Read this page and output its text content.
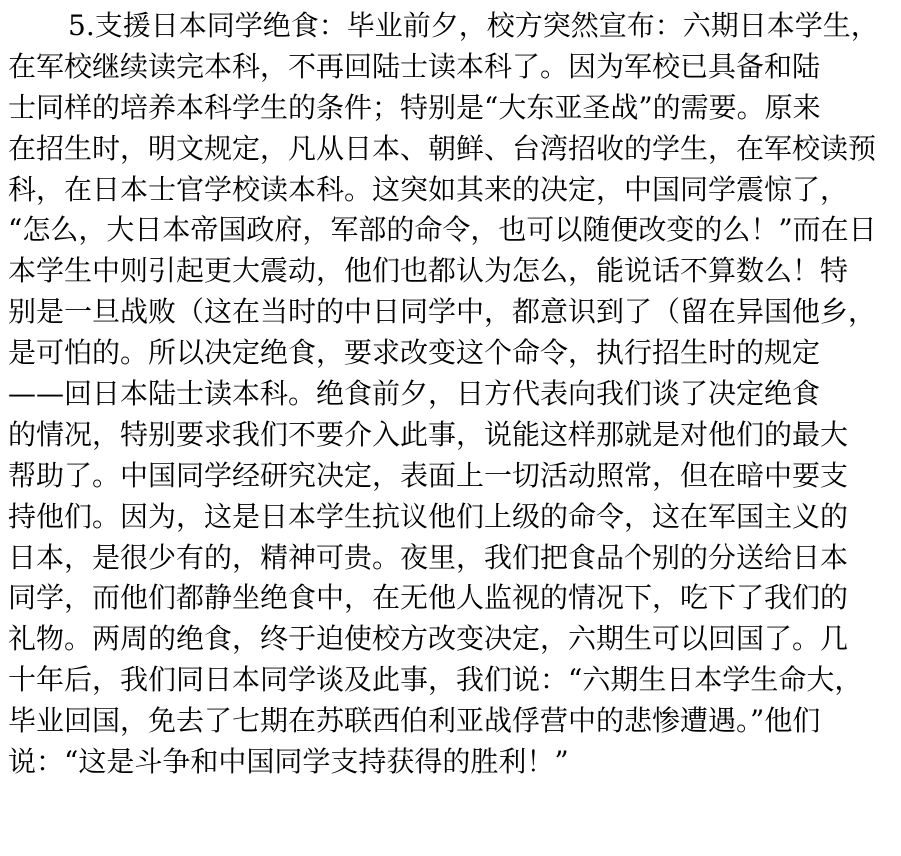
5.支援日本同学绝食：毕业前夕，校方突然宣布：六期日本学生，
在军校继续读完本科，不再回陆士读本科了。因为军校已具备和陆
士同样的培养本科学生的条件；特别是“大东亚圣战”的需要。原来
在招生时，明文规定，凡从日本、朝鲜、台湾招收的学生，在军校读预
科，在日本士官学校读本科。这突如其来的决定，中国同学震惊了，
“怎么，大日本帝国政府，军部的命令，也可以随便改变的么！”而在日
本学生中则引起更大震动，他们也都认为怎么，能说话不算数么！特
别是一旦战败（这在当时的中日同学中，都意识到了（留在异国他乡，
是可怕的。所以决定绝食，要求改变这个命令，执行招生时的规定
——回日本陆士读本科。绝食前夕，日方代表向我们谈了决定绝食
的情况，特别要求我们不要介入此事，说能这样那就是对他们的最大
帮助了。中国同学经研究决定，表面上一切活动照常，但在暗中要支
持他们。因为，这是日本学生抗议他们上级的命令，这在军国主义的
日本，是很少有的，精神可贵。夜里，我们把食品个别的分送给日本
同学，而他们都静坐绝食中，在无他人监视的情况下，吃下了我们的
礼物。两周的绝食，终于迫使校方改变决定，六期生可以回国了。几
十年后，我们同日本同学谈及此事，我们说：“六期生日本学生命大，
毕业回国，免去了七期在苏联西伯利亚战俘营中的悲惨遭遇。”他们
说：“这是斗争和中国同学支持获得的胜利！”
